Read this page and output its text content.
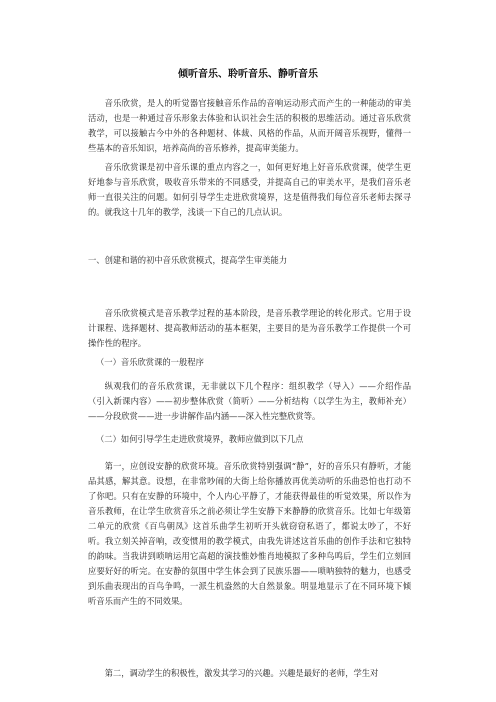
倾听音乐、聆听音乐、静听音乐

音乐欣赏，是人的听觉器官接触音乐作品的音响运动形式而产生的一种能动的审美活动，也是一种通过音乐形象去体验和认识社会生活的积极的思维活动。通过音乐欣赏教学，可以接触古今中外的各种题材、体裁、风格的作品，从而开阔音乐视野，懂得一些基本的音乐知识，培养高尚的音乐修养，提高审美能力。

音乐欣赏课是初中音乐课的重点内容之一，如何更好地上好音乐欣赏课，使学生更好地参与音乐欣赏，吸收音乐带来的不同感受，并提高自己的审美水平，是我们音乐老师一直很关注的问题。如何引导学生走进欣赏境界，这是值得我们每位音乐老师去探寻的。就我这十几年的教学，浅谈一下自己的几点认识。

一、创建和谐的初中音乐欣赏模式，提高学生审美能力

音乐欣赏模式是音乐教学过程的基本阶段，是音乐教学理论的转化形式。它用于设计课程、选择题材、提高教师活动的基本框架，主要目的是为音乐教学工作提供一个可操作性的程序。

（一）音乐欣赏课的一般程序

纵观我们的音乐欣赏课，无非就以下几个程序：组织教学（导入）——介绍作品（引入新课内容）——初步整体欣赏（简听）——分析结构（以学生为主，教师补充）——分段欣赏——进一步讲解作品内涵——深入性完整欣赏等。

（二）如何引导学生走进欣赏境界，教师应做到以下几点

第一，应创设安静的欣赏环境。音乐欣赏特别强调“静”，好的音乐只有静听，才能品其感，解其意。设想，在非常吵闹的大街上给你播放再优美动听的乐曲恐怕也打动不了你吧。只有在安静的环境中，个人内心平静了，才能获得最佳的听觉效果，所以作为音乐教师，在让学生欣赏音乐之前必须让学生安静下来静静的欣赏音乐。比如七年级第二单元的欣赏《百鸟朝凤》这首乐曲学生初听开头就窃窃私语了，都说太吵了，不好听。我立刻关掉音响，改变惯用的教学模式，由我先讲述这首乐曲的创作手法和它独特的韵味。当我讲到唢呐运用它高超的演技惟妙惟肖地模拟了多种鸟鸣后，学生们立刻回应要好好的听完。在安静的氛围中学生体会到了民族乐器——唢呐独特的魅力，也感受到乐曲表现出的百鸟争鸣，一派生机盎然的大自然景象。明显地显示了在不同环境下倾听音乐而产生的不同效果。

第二，调动学生的积极性，激发其学习的兴趣。兴趣是最好的老师，学生对
